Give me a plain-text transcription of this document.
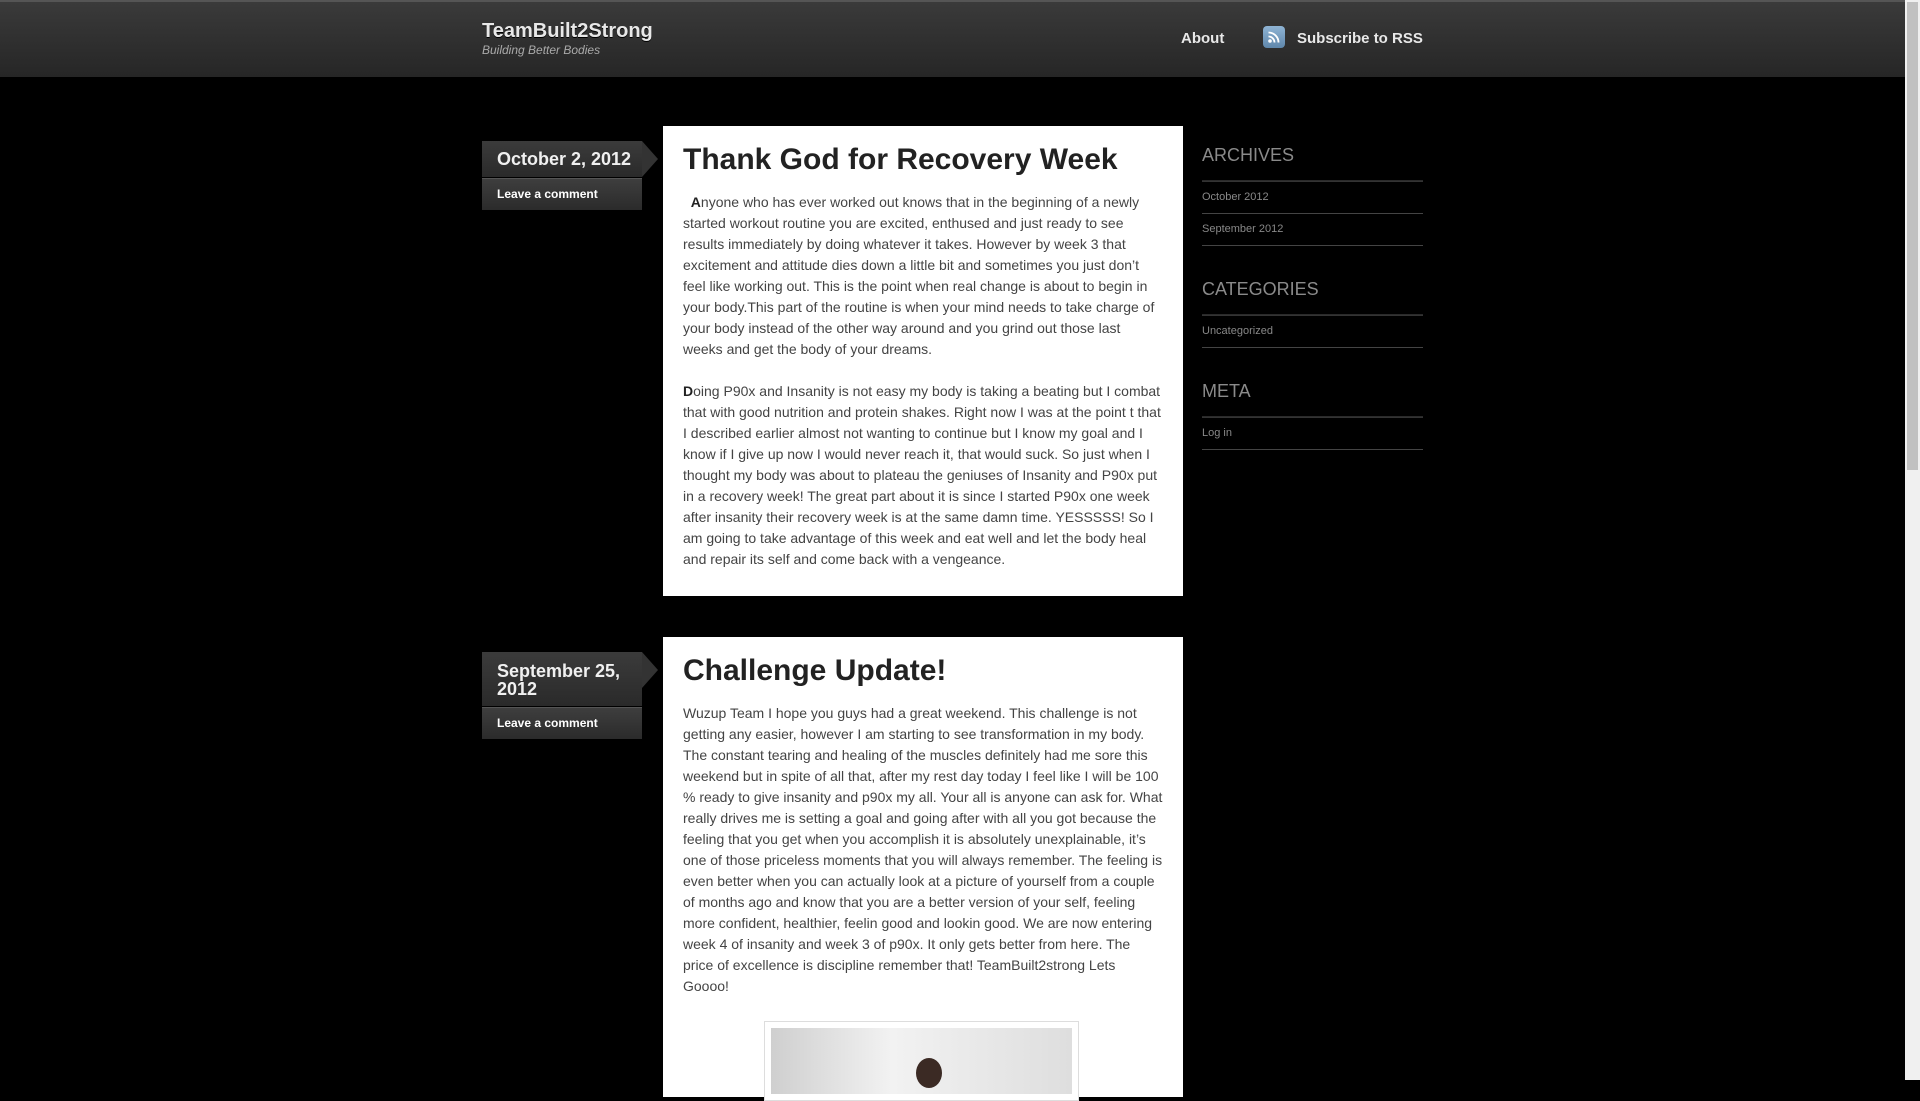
TeamBuilt2Strong
Building Better Bodies
About	Subscribe to RSS
October 2, 2012
Leave a comment
Thank God for Recovery Week

Anyone who has ever worked out knows that in the beginning of a newly started workout routine you are excited, enthused and just ready to see results immediately by doing whatever it takes. However by week 3 that excitement and attitude dies down a little bit and sometimes you just don’t feel like working out. This is the point when real change is about to begin in your body.This part of the routine is when your mind needs to take charge of your body instead of the other way around and you grind out those last weeks and get the body of your dreams.

Doing P90x and Insanity is not easy my body is taking a beating but I combat that with good nutrition and protein shakes. Right now I was at the point t that I described earlier almost not wanting to continue but I know my goal and I know if I give up now I would never reach it, that would suck. So just when I thought my body was about to plateau the geniuses of Insanity and P90x put in a recovery week! The great part about it is since I started P90x one week after insanity their recovery week is at the same damn time. YESSSSS! So I am going to take advantage of this week and eat well and let the body heal and repair its self and come back with a vengeance.

September 25, 2012
Leave a comment
Challenge Update!

Wuzup Team I hope you guys had a great weekend. This challenge is not getting any easier, however I am starting to see transformation in my body. The constant tearing and healing of the muscles definitely had me sore this weekend but in spite of all that, after my rest day today I feel like I will be 100 % ready to give insanity and p90x my all. Your all is anyone can ask for. What really drives me is setting a goal and going after with all you got because the feeling that you get when you accomplish it is absolutely unexplainable, it’s one of those priceless moments that you will always remember. The feeling is even better when you can actually look at a picture of yourself from a couple of months ago and know that you are a better version of your self, feeling more confident, healthier, feelin good and lookin good. We are now entering week 4 of insanity and week 3 of p90x. It only gets better from here. The price of excellence is discipline remember that! TeamBuilt2strong Lets Goooo!

ARCHIVES
October 2012
September 2012
CATEGORIES
Uncategorized
META
Log in
